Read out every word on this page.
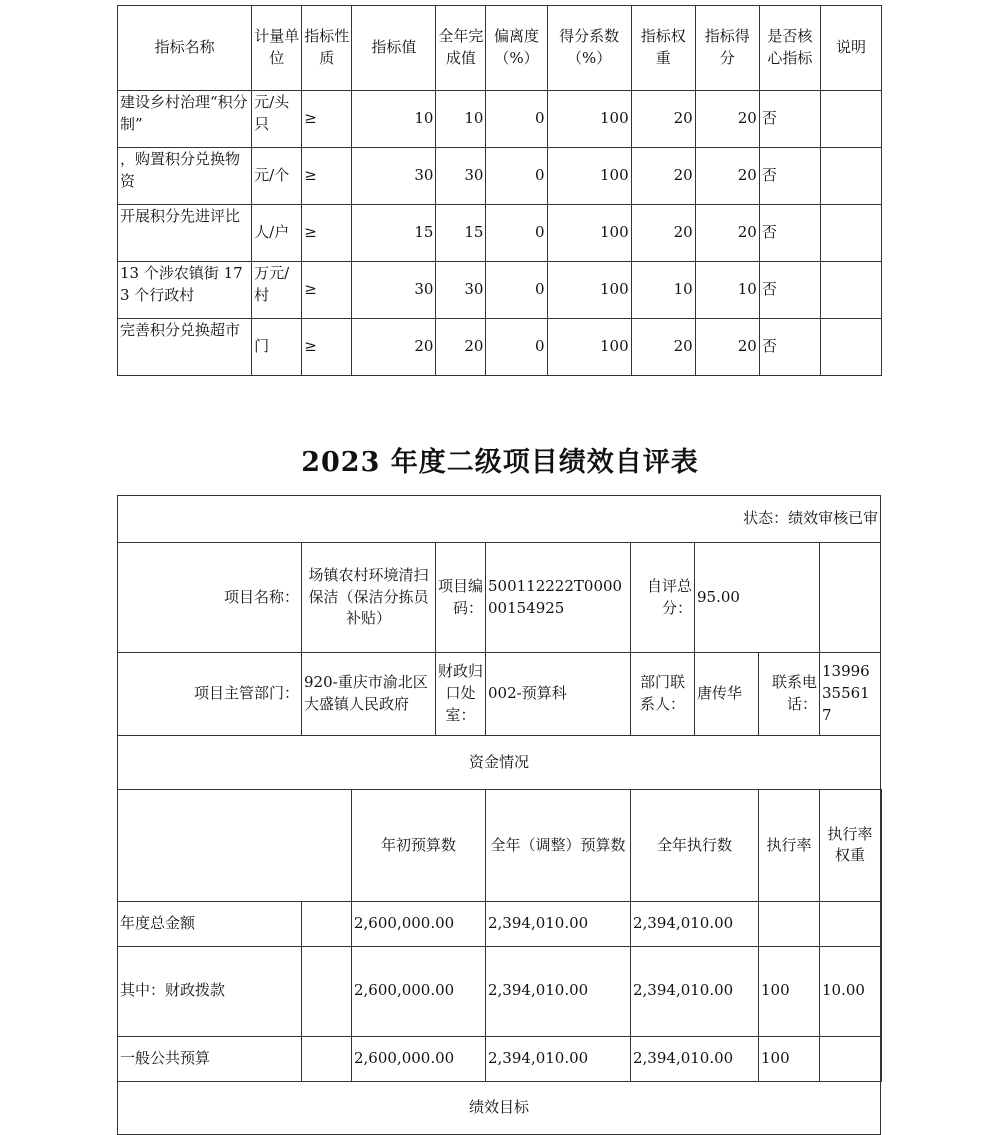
指标名称	计量单位	指标性质	指标值	全年完成值	偏离度（%）	得分系数（%）	指标权重	指标得分	是否核心指标	说明
建设乡村治理“积分制”	元/头只	≥	10	10	0	100	20	20	否	
，购置积分兑换物资	元/个	≥	30	30	0	100	20	20	否	
开展积分先进评比	人/户	≥	15	15	0	100	20	20	否	
13 个涉农镇街 173 个行政村	万元/村	≥	30	30	0	100	10	10	否	
完善积分兑换超市	门	≥	20	20	0	100	20	20	否	
2023 年度二级项目绩效自评表
状态：绩效审核已审									
项目名称：	场镇农村环境清扫保洁（保洁分拣员补贴）		项目编码：	500112222T000000154925	自评总分：	95.00			
项目主管部门：	920-重庆市渝北区大盛镇人民政府		财政归口处室：	002-预算科	部门联系人：	唐传华	联系电话：	13996355617	
资金情况									
		年初预算数		全年（调整）预算数	全年执行数		执行率	执行率权重	
年度总金额		2,600,000.00		2,394,010.00	2,394,010.00				
其中：财政拨款		2,600,000.00		2,394,010.00	2,394,010.00		100	10.00	
一般公共预算		2,600,000.00		2,394,010.00	2,394,010.00		100		
绩效目标									
